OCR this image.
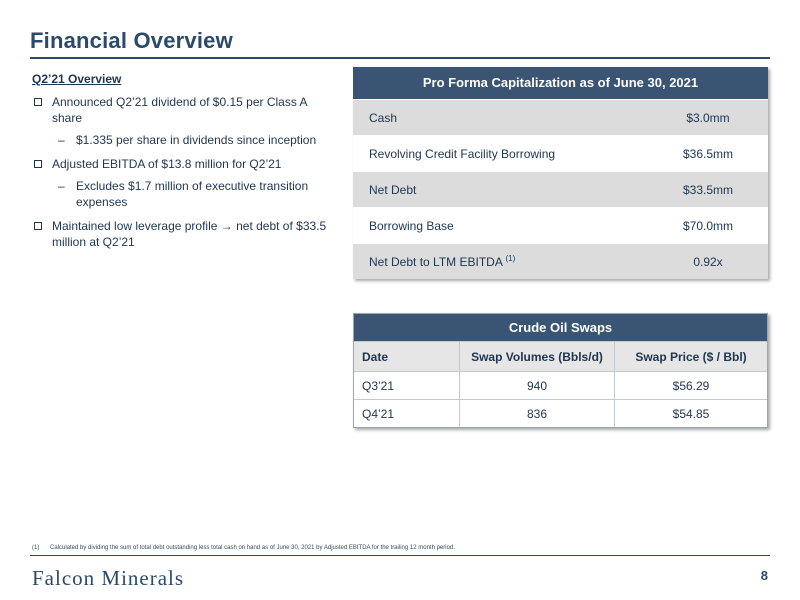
Financial Overview
Q2’21 Overview
Announced Q2’21 dividend of $0.15 per Class A share
– $1.335 per share in dividends since inception
Adjusted EBITDA of $13.8 million for Q2’21
– Excludes $1.7 million of executive transition expenses
Maintained low leverage profile → net debt of $33.5 million at Q2’21
Pro Forma Capitalization as of June 30, 2021
Cash	$3.0mm
Revolving Credit Facility Borrowing	$36.5mm
Net Debt	$33.5mm
Borrowing Base	$70.0mm
Net Debt to LTM EBITDA $^{(1)}$	0.92x
Crude Oil Swaps
Date	Swap Volumes (Bbls/d)	Swap Price ($ / Bbl)
Q3’21	940	$56.29
Q4’21	836	$54.85
(1) Calculated by dividing the sum of total debt outstanding less total cash on hand as of June 30, 2021 by Adjusted EBITDA for the trailing 12 month period.
Falcon Minerals	8
